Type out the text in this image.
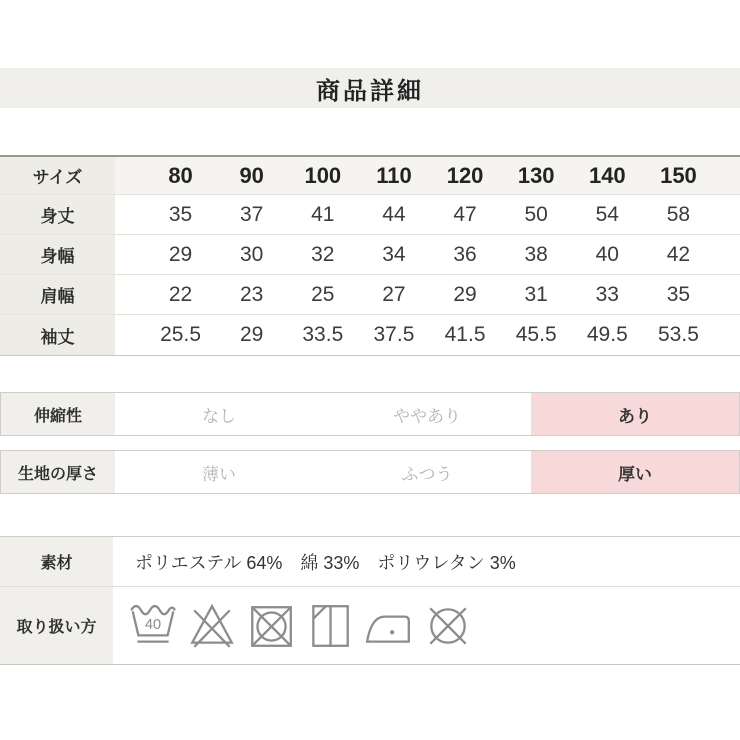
商品詳細
サイズ	80	90	100	110	120	130	140	150
身丈	35	37	41	44	47	50	54	58
身幅	29	30	32	34	36	38	40	42
肩幅	22	23	25	27	29	31	33	35
袖丈	25.5	29	33.5	37.5	41.5	45.5	49.5	53.5
伸縮性	なし	ややあり	あり
生地の厚さ	薄い	ふつう	厚い
素材	ポリエステル 64%　綿 33%　ポリウレタン 3%
取り扱い方	40
